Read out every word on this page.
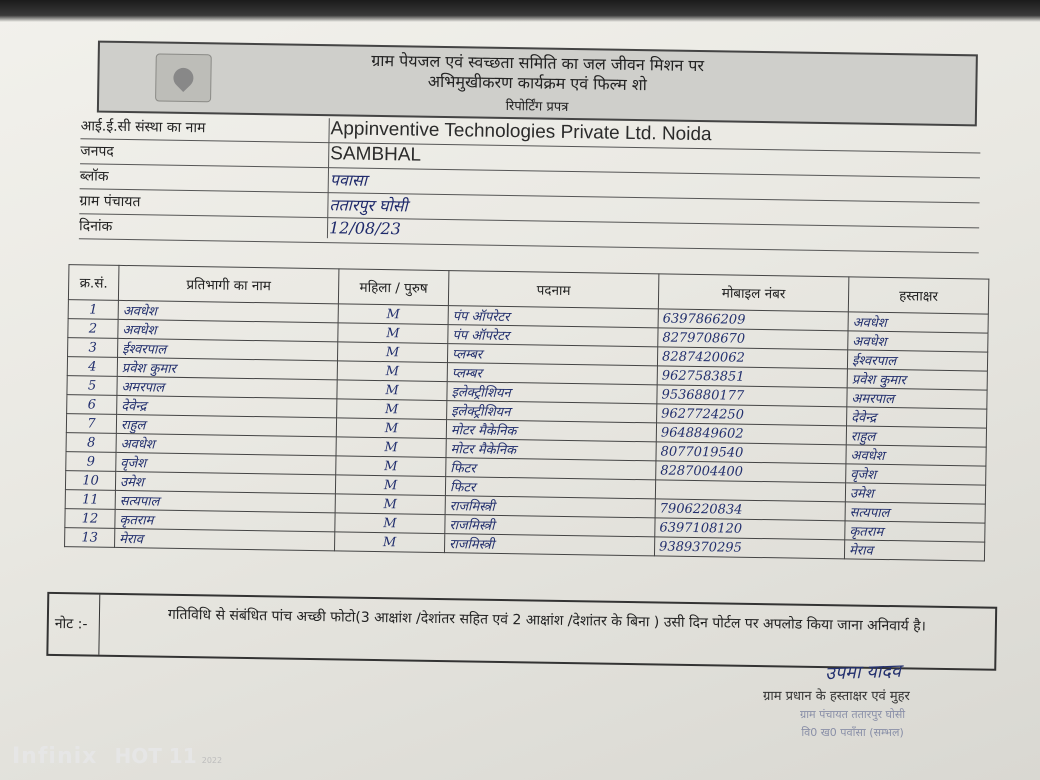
ग्राम पेयजल एवं स्वच्छता समिति का जल जीवन मिशन पर
अभिमुखीकरण कार्यक्रम एवं फिल्म शो
रिपोर्टिंग प्रपत्र
आई.ई.सी संस्था का नाम	Appinventive Technologies Private Ltd. Noida
जनपद	SAMBHAL
ब्लॉक	पवासा
ग्राम पंचायत	ततारपुर घोसी
दिनांक	12/08/23
क्र.सं.	प्रतिभागी का नाम	महिला / पुरुष	पदनाम	मोबाइल नंबर	हस्ताक्षर
1	अवधेश	M	पंप ऑपरेटर	6397866209	अवधेश
2	अवधेश	M	पंप ऑपरेटर	8279708670	अवधेश
3	ईश्वरपाल	M	प्लम्बर	8287420062	ईश्वरपाल
4	प्रवेश कुमार	M	प्लम्बर	9627583851	प्रवेश कुमार
5	अमरपाल	M	इलेक्ट्रीशियन	9536880177	अमरपाल
6	देवेन्द्र	M	इलेक्ट्रीशियन	9627724250	देवेन्द्र
7	राहुल	M	मोटर मैकेनिक	9648849602	राहुल
8	अवधेश	M	मोटर मैकेनिक	8077019540	अवधेश
9	वृजेश	M	फिटर	8287004400	वृजेश
10	उमेश	M	फिटर		उमेश
11	सत्यपाल	M	राजमिस्त्री	7906220834	सत्यपाल
12	कृतराम	M	राजमिस्त्री	6397108120	कृतराम
13	मेराव	M	राजमिस्त्री	9389370295	मेराव
नोट :-	गतिविधि से संबंधित पांच अच्छी फोटो(3 आक्षांश /देशांतर सहित एवं 2 आक्षांश /देशांतर के बिना ) उसी दिन पोर्टल पर अपलोड किया जाना अनिवार्य है।
उपमा यादव
ग्राम प्रधान के हस्ताक्षर एवं मुहर
ग्राम पंचायत ततारपुर घोसी
वि0 ख0 पवाँसा (सम्भल)
Infinix HOT 11 2022
